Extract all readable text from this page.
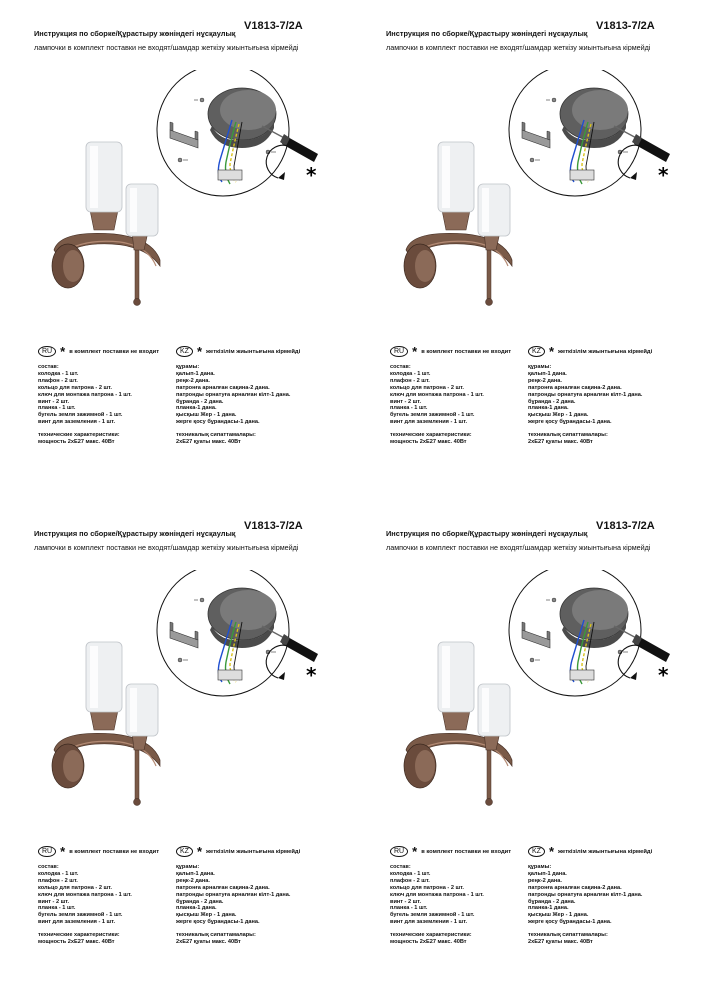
Инструкция по сборке/Құрастыру жөніндегі нұсқаулық
V1813-7/2A
лампочки в комплект поставки не входят/шамдар жеткізу жиынтығына кірмейді
*
RU * в комплект поставки не входит	KZ * жеткізілім жиынтығына кірмейді
состав:
колодка - 1 шт.
плафон - 2 шт.
кольцо для патрона - 2 шт.
ключ для монтажа патрона - 1 шт.
винт - 2 шт.
планка - 1 шт.
бугель земля зажимной - 1 шт.
винт для заземления - 1 шт.
технические характеристики:
мощность 2хE27 макс. 40Вт
құрамы:
қалып-1 дана.
реңк-2 дана.
патронға арналған сақина-2 дана.
патронды орнатуға арналған кілт-1 дана.
бұранда - 2 дана.
планка-1 дана.
қысқыш Жер - 1 дана.
жерге қосу бұрандасы-1 дана.
техникалық сипаттамалары:
2хE27 қуаты макс. 40Вт
Инструкция по сборке/Құрастыру жөніндегі нұсқаулық
V1813-7/2A
лампочки в комплект поставки не входят/шамдар жеткізу жиынтығына кірмейді
*
RU * в комплект поставки не входит	KZ * жеткізілім жиынтығына кірмейді
состав:
колодка - 1 шт.
плафон - 2 шт.
кольцо для патрона - 2 шт.
ключ для монтажа патрона - 1 шт.
винт - 2 шт.
планка - 1 шт.
бугель земля зажимной - 1 шт.
винт для заземления - 1 шт.
технические характеристики:
мощность 2хE27 макс. 40Вт
құрамы:
қалып-1 дана.
реңк-2 дана.
патронға арналған сақина-2 дана.
патронды орнатуға арналған кілт-1 дана.
бұранда - 2 дана.
планка-1 дана.
қысқыш Жер - 1 дана.
жерге қосу бұрандасы-1 дана.
техникалық сипаттамалары:
2хE27 қуаты макс. 40Вт
Инструкция по сборке/Құрастыру жөніндегі нұсқаулық
V1813-7/2A
лампочки в комплект поставки не входят/шамдар жеткізу жиынтығына кірмейді
*
RU * в комплект поставки не входит	KZ * жеткізілім жиынтығына кірмейді
состав:
колодка - 1 шт.
плафон - 2 шт.
кольцо для патрона - 2 шт.
ключ для монтажа патрона - 1 шт.
винт - 2 шт.
планка - 1 шт.
бугель земля зажимной - 1 шт.
винт для заземления - 1 шт.
технические характеристики:
мощность 2хE27 макс. 40Вт
құрамы:
қалып-1 дана.
реңк-2 дана.
патронға арналған сақина-2 дана.
патронды орнатуға арналған кілт-1 дана.
бұранда - 2 дана.
планка-1 дана.
қысқыш Жер - 1 дана.
жерге қосу бұрандасы-1 дана.
техникалық сипаттамалары:
2хE27 қуаты макс. 40Вт
Инструкция по сборке/Құрастыру жөніндегі нұсқаулық
V1813-7/2A
лампочки в комплект поставки не входят/шамдар жеткізу жиынтығына кірмейді
*
RU * в комплект поставки не входит	KZ * жеткізілім жиынтығына кірмейді
состав:
колодка - 1 шт.
плафон - 2 шт.
кольцо для патрона - 2 шт.
ключ для монтажа патрона - 1 шт.
винт - 2 шт.
планка - 1 шт.
бугель земля зажимной - 1 шт.
винт для заземления - 1 шт.
технические характеристики:
мощность 2хE27 макс. 40Вт
құрамы:
қалып-1 дана.
реңк-2 дана.
патронға арналған сақина-2 дана.
патронды орнатуға арналған кілт-1 дана.
бұранда - 2 дана.
планка-1 дана.
қысқыш Жер - 1 дана.
жерге қосу бұрандасы-1 дана.
техникалық сипаттамалары:
2хE27 қуаты макс. 40Вт
